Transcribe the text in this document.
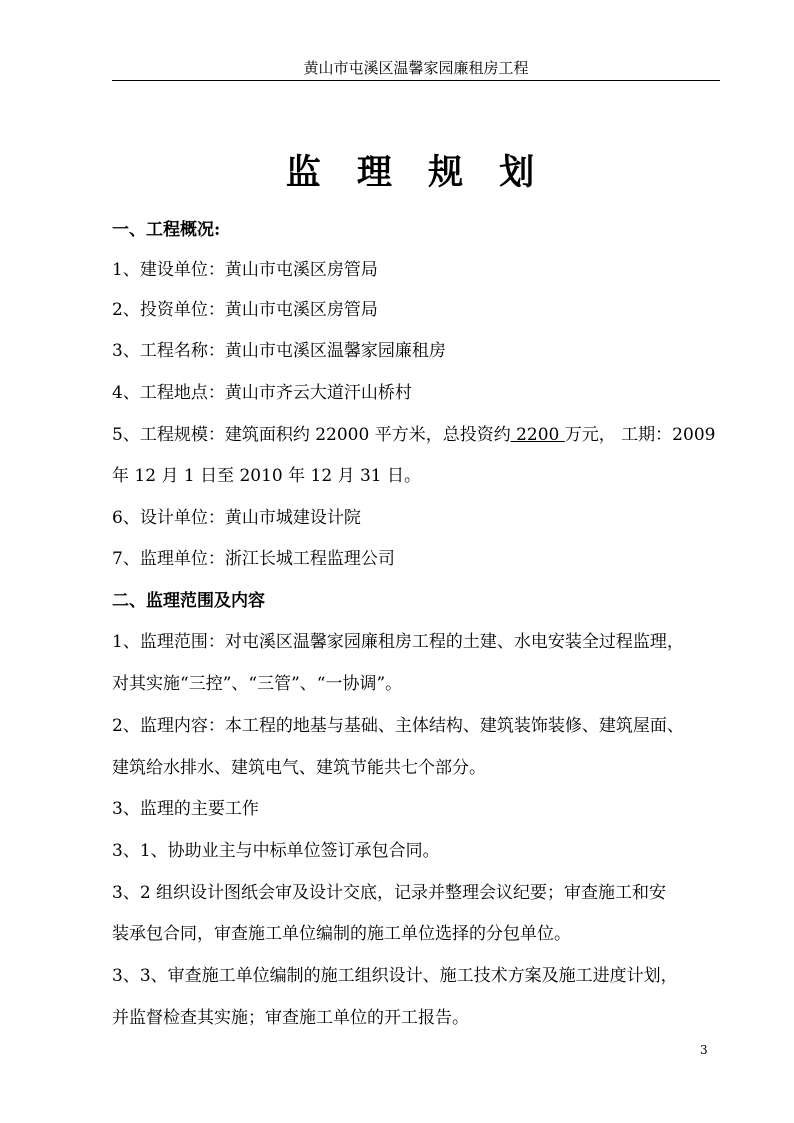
黄山市屯溪区温馨家园廉租房工程
监 理 规 划
一、工程概况:
1、建设单位：黄山市屯溪区房管局
2、投资单位：黄山市屯溪区房管局
3、工程名称：黄山市屯溪区温馨家园廉租房
4、工程地点：黄山市齐云大道汗山桥村
5、工程规模：建筑面积约 22000 平方米，总投资约 2200 万元， 工期：2009
年 12 月 1 日至 2010 年 12 月 31 日。
6、设计单位：黄山市城建设计院
7、监理单位：浙江长城工程监理公司
二、监理范围及内容
1、监理范围：对屯溪区温馨家园廉租房工程的土建、水电安装全过程监理，
对其实施“三控”、“三管”、“一协调”。
2、监理内容：本工程的地基与基础、主体结构、建筑装饰装修、建筑屋面、
建筑给水排水、建筑电气、建筑节能共七个部分。
3、监理的主要工作
3、1、协助业主与中标单位签订承包合同。
3、2 组织设计图纸会审及设计交底，记录并整理会议纪要；审查施工和安
装承包合同，审查施工单位编制的施工单位选择的分包单位。
3、3、审查施工单位编制的施工组织设计、施工技术方案及施工进度计划，
并监督检查其实施；审查施工单位的开工报告。
3
